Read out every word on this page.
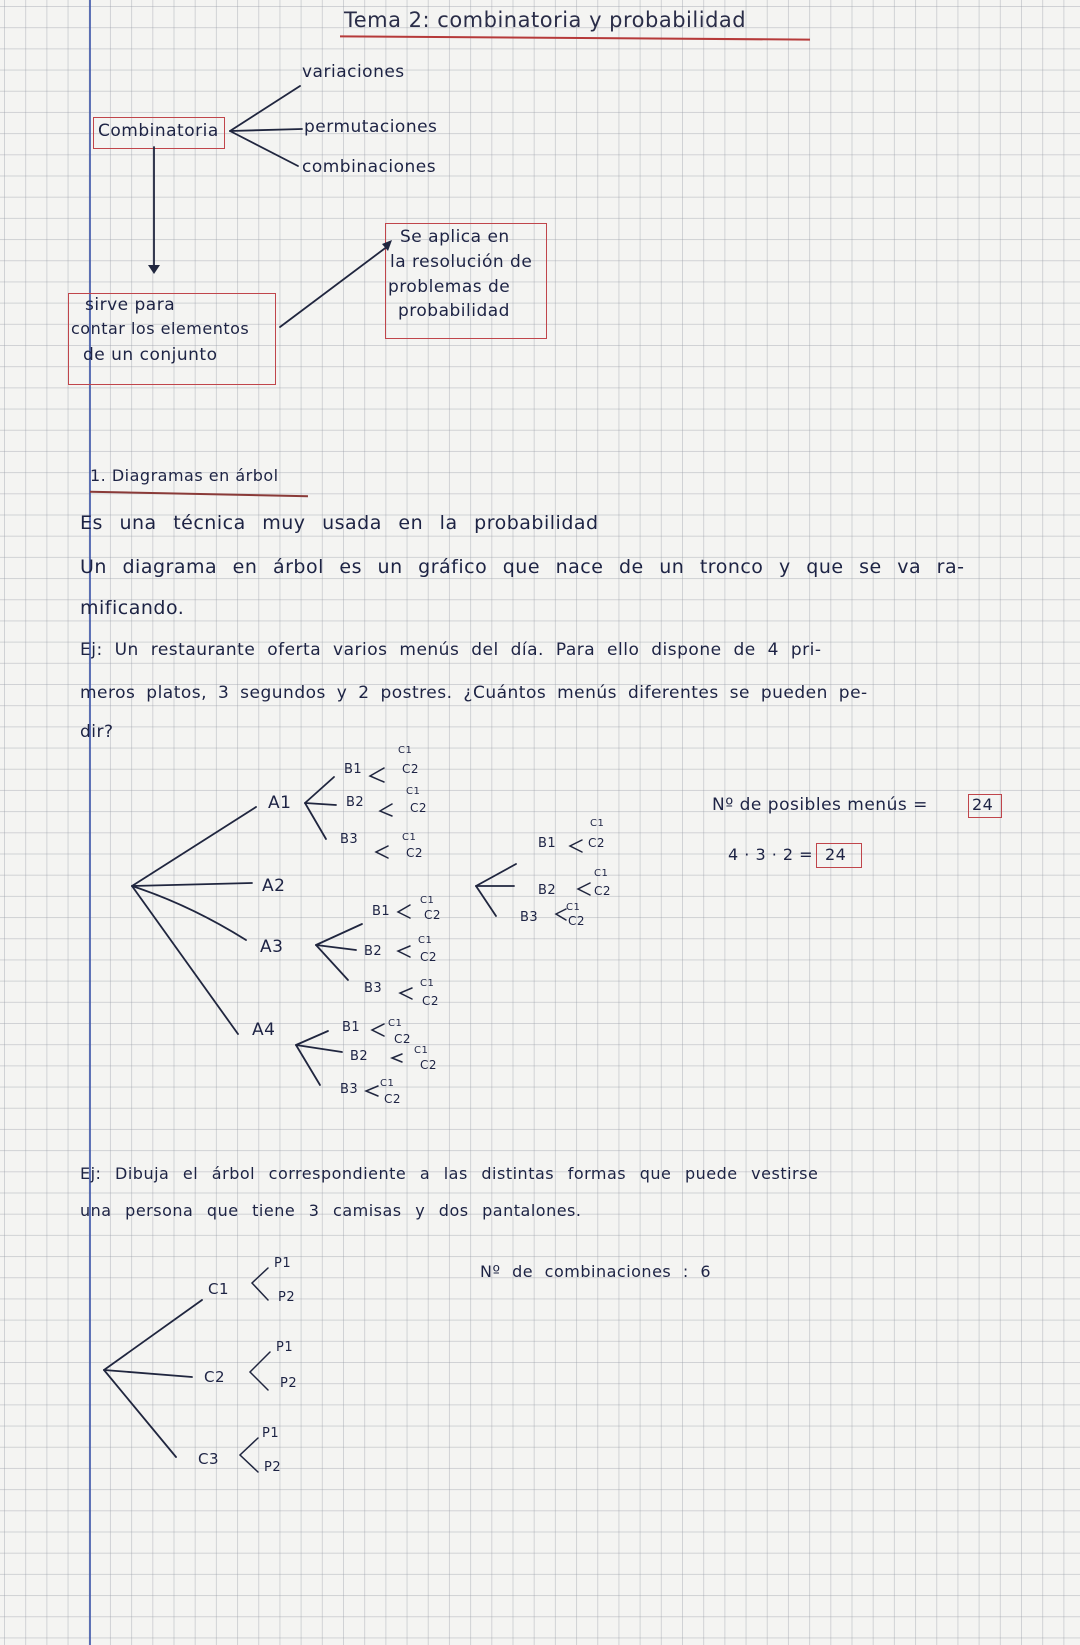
Tema 2: combinatoria y probabilidad
Combinatoria
variaciones
permutaciones
combinaciones
sirve para
contar los elementos
de un conjunto
Se aplica en
la resolución de
problemas de
probabilidad
1. Diagramas en árbol
Es una técnica muy usada en la probabilidad
Un diagrama en árbol es un gráfico que nace de un tronco y que se va ra-
mificando.
Ej: Un restaurante oferta varios menús del día. Para ello dispone de 4 pri-
meros platos, 3 segundos y 2 postres. ¿Cuántos menús diferentes se pueden pe-
dir?
A1
A2
A3
A4
B1
B2
B3
B1
B2
B3
B1
B2
B3
B1
B2
B3
C1
C2
C1
C2
C1
C2
C1
C2
C1
C2
C1
C2
C1
C2
C1
C2
C1
C2
C1
C2
C1
C2
C1
C2
Nº de posibles menús =	24
4 · 3 · 2 = 24
Ej: Dibuja el árbol correspondiente a las distintas formas que puede vestirse
una persona que tiene 3 camisas y dos pantalones.
Nº de combinaciones : 6
C1
C2
C3
P1
P2
P1
P2
P1
P2
